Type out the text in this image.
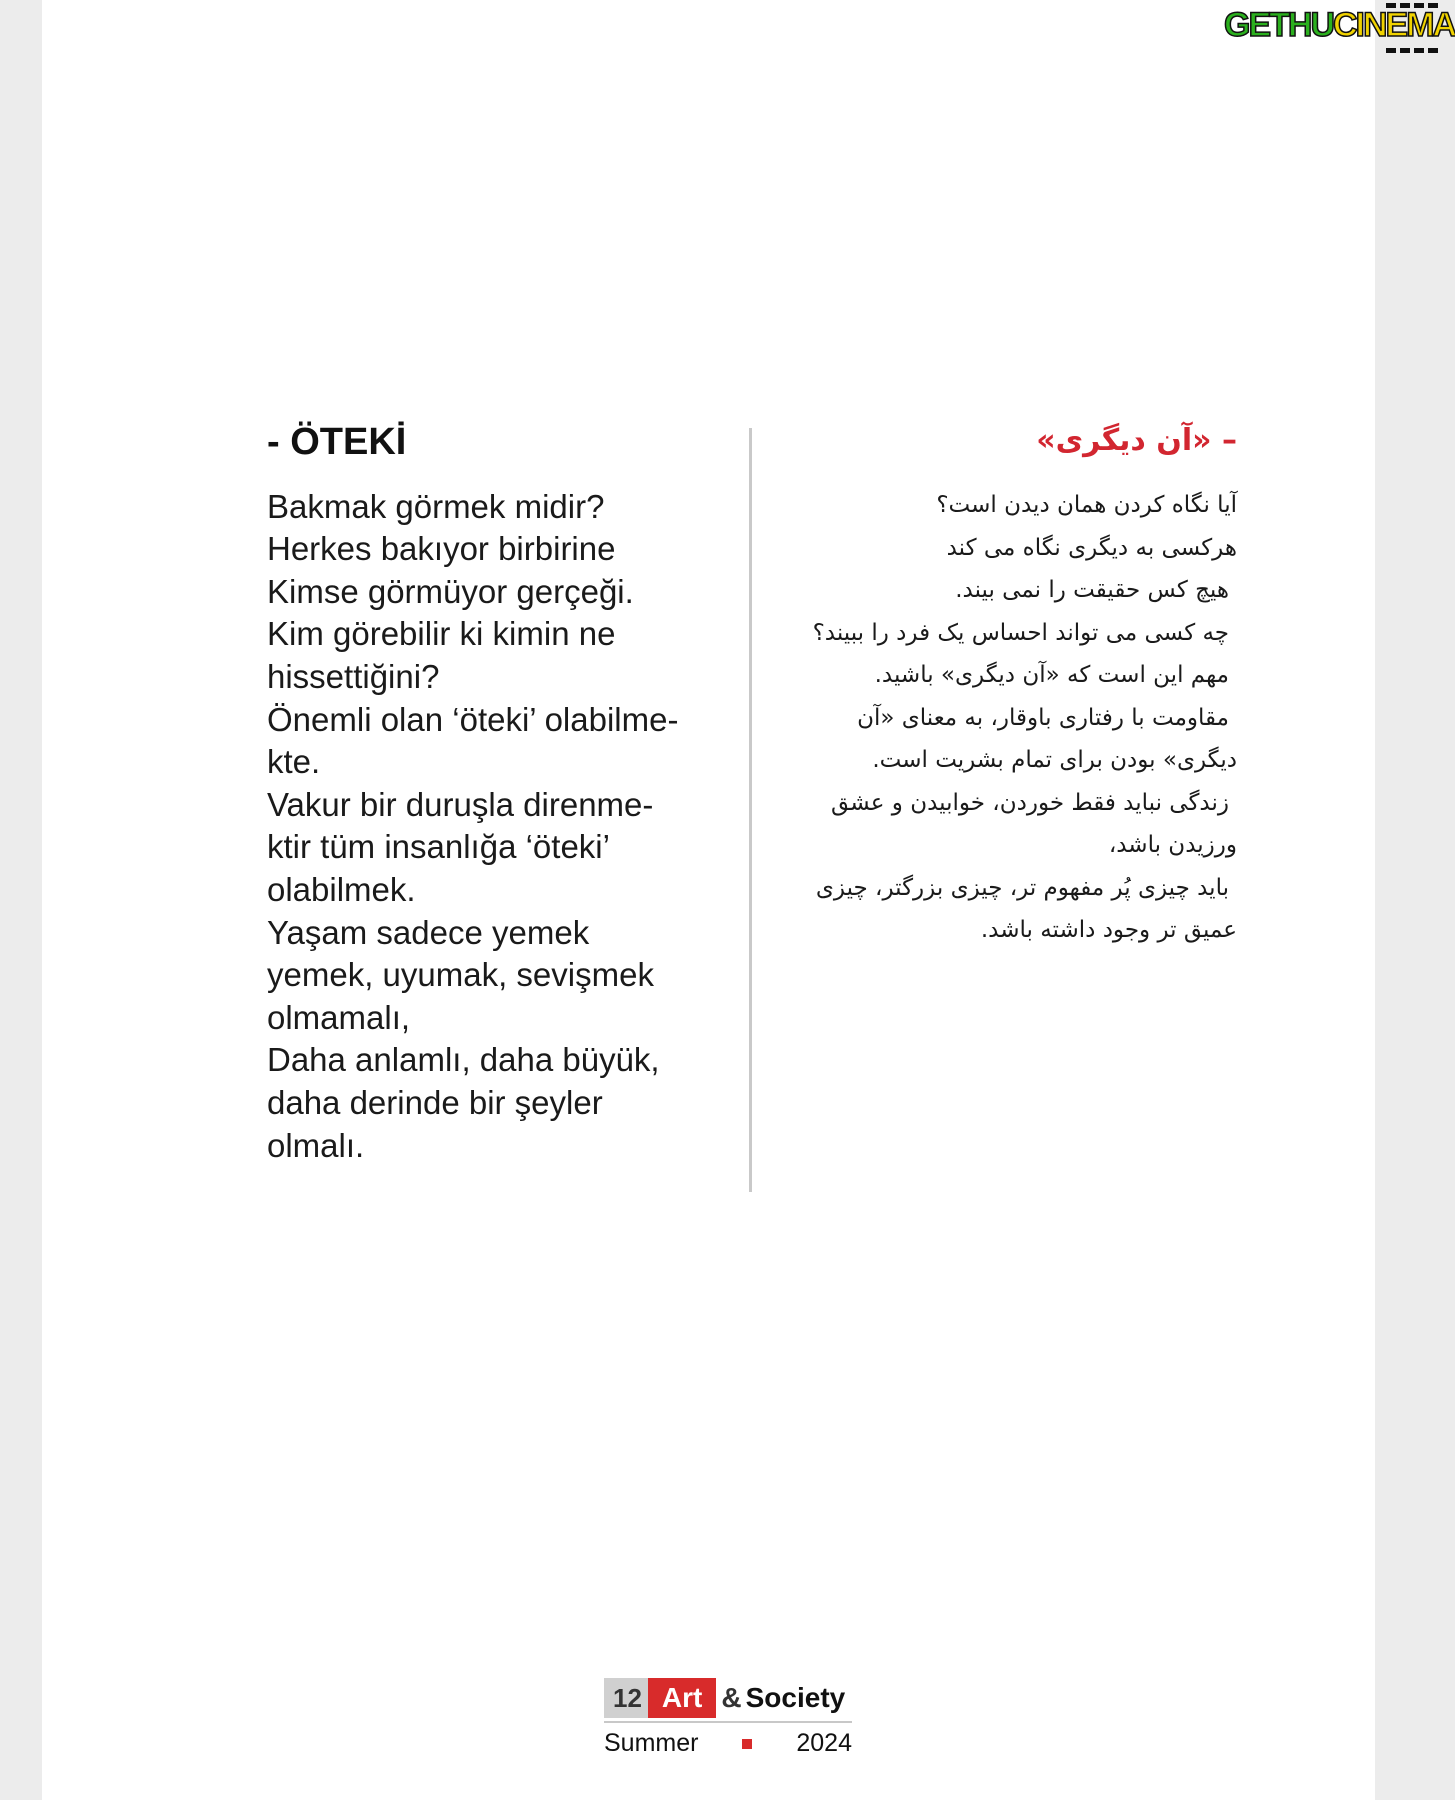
- ÖTEKİ
Bakmak görmek midir?
Herkes bakıyor birbirine
Kimse görmüyor gerçeği.
Kim görebilir ki kimin ne
hissettiğini?
Önemli olan ‘öteki’ olabilme-
kte.
Vakur bir duruşla direnme-
ktir tüm insanlığa ‘öteki’
olabilmek.
Yaşam sadece yemek
yemek, uyumak, sevişmek
olmamalı,
Daha anlamlı, daha büyük,
daha derinde bir şeyler
olmalı.
– «آن دیگری»
آیا نگاه کردن همان دیدن است؟
هرکسی به دیگری نگاه می کند
هیچ کس حقیقت را نمی بیند.
چه کسی می تواند احساس یک فرد را ببیند؟
مهم این است که «آن دیگری» باشید.
مقاومت با رفتاری باوقار، به معنای «آن
دیگری» بودن برای تمام بشریت است.
زندگی نباید فقط خوردن، خوابیدن و عشق
ورزیدن باشد،
باید چیزی پُر مفهوم تر، چیزی بزرگتر، چیزی
عمیق تر وجود داشته باشد.
12 Art & Society
Summer	2024
GETHUCINEMA
